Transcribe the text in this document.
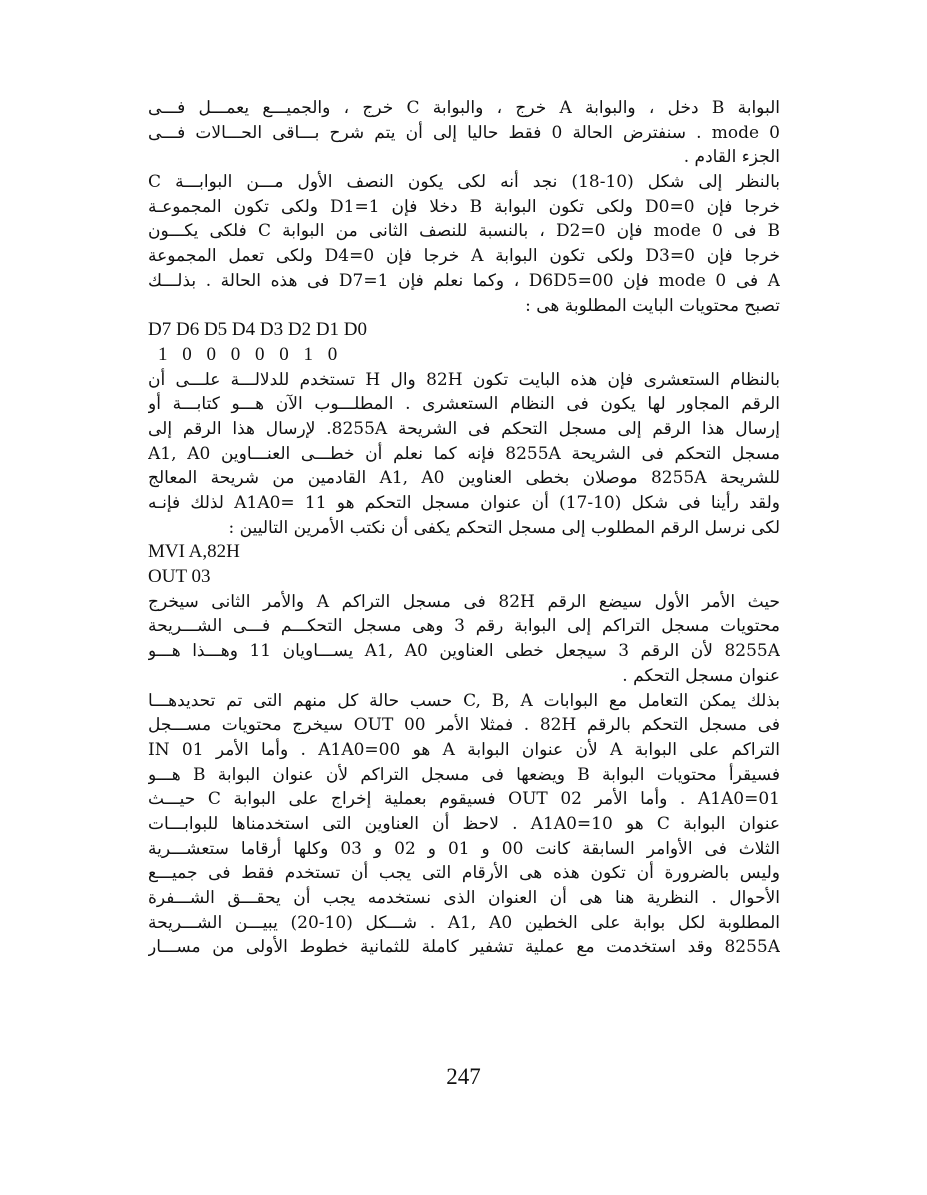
البوابة B دخل ، والبوابة A خرج ، والبوابة C خرج ، والجميـــع يعمـــل فـــى
mode 0 . سنفترض الحالة 0 فقط حاليا إلى أن يتم شرح بـــاقى الحـــالات فـــى
الجزء القادم .
بالنظر إلى شكل (10-18) نجد أنه لكى يكون النصف الأول مـــن البوابـــة C
خرجا فإن D0=0 ولكى تكون البوابة B دخلا فإن D1=1 ولكى تكون المجموعـة
B فى mode 0 فإن D2=0 ، بالنسبة للنصف الثانى من البوابة C فلكى يكـــون
خرجا فإن D3=0 ولكى تكون البوابة A خرجا فإن D4=0 ولكى تعمل المجموعة
A فى mode 0 فإن D6D5=00 ، وكما نعلم فإن D7=1 فى هذه الحالة . بذلـــك
تصبح محتويات البايت المطلوبة هى :
D7 D6 D5 D4 D3 D2 D1 D0
1 0 0 0 0 0 1 0
بالنظام الستعشرى فإن هذه البايت تكون 82H وال H تستخدم للدلالـــة علـــى أن
الرقم المجاور لها يكون فى النظام الستعشرى . المطلـــوب الآن هـــو كتابـــة أو
إرسال هذا الرقم إلى مسجل التحكم فى الشريحة 8255A. لإرسال هذا الرقم إلى
مسجل التحكم فى الشريحة 8255A فإنه كما نعلم أن خطـــى العنـــاوين A1, A0
للشريحة 8255A موصلان بخطى العناوين A1, A0 القادمين من شريحة المعالج
ولقد رأينا فى شكل (10-17) أن عنوان مسجل التحكم هو A1A0= 11 لذلك فإنـه
لكى نرسل الرقم المطلوب إلى مسجل التحكم يكفى أن نكتب الأمرين التاليين :
MVI A,82H
OUT 03
حيث الأمر الأول سيضع الرقم 82H فى مسجل التراكم A والأمر الثانى سيخرج
محتويات مسجل التراكم إلى البوابة رقم 3 وهى مسجل التحكـــم فـــى الشـــريحة
8255A لأن الرقم 3 سيجعل خطى العناوين A1, A0 يســـاويان 11 وهـــذا هـــو
عنوان مسجل التحكم .
بذلك يمكن التعامل مع البوابات C, B, A حسب حالة كل منهم التى تم تحديدهـــا
فى مسجل التحكم بالرقم 82H . فمثلا الأمر OUT 00 سيخرج محتويات مســـجل
التراكم على البوابة A لأن عنوان البوابة A هو A1A0=00 . وأما الأمر IN 01
فسيقرأ محتويات البوابة B ويضعها فى مسجل التراكم لأن عنوان البوابة B هـــو
A1A0=01 . وأما الأمر OUT 02 فسيقوم بعملية إخراج على البوابة C حيـــث
عنوان البوابة C هو A1A0=10 . لاحظ أن العناوين التى استخدمناها للبوابـــات
الثلاث فى الأوامر السابقة كانت 00 و 01 و 02 و 03 وكلها أرقاما ستعشـــرية
وليس بالضرورة أن تكون هذه هى الأرقام التى يجب أن تستخدم فقط فى جميـــع
الأحوال . النظرية هنا هى أن العنوان الذى نستخدمه يجب أن يحقـــق الشـــفرة
المطلوبة لكل بوابة على الخطين A1, A0 . شـــكل (10-20) يبيـــن الشـــريحة
8255A وقد استخدمت مع عملية تشفير كاملة للثمانية خطوط الأولى من مســـار
247
